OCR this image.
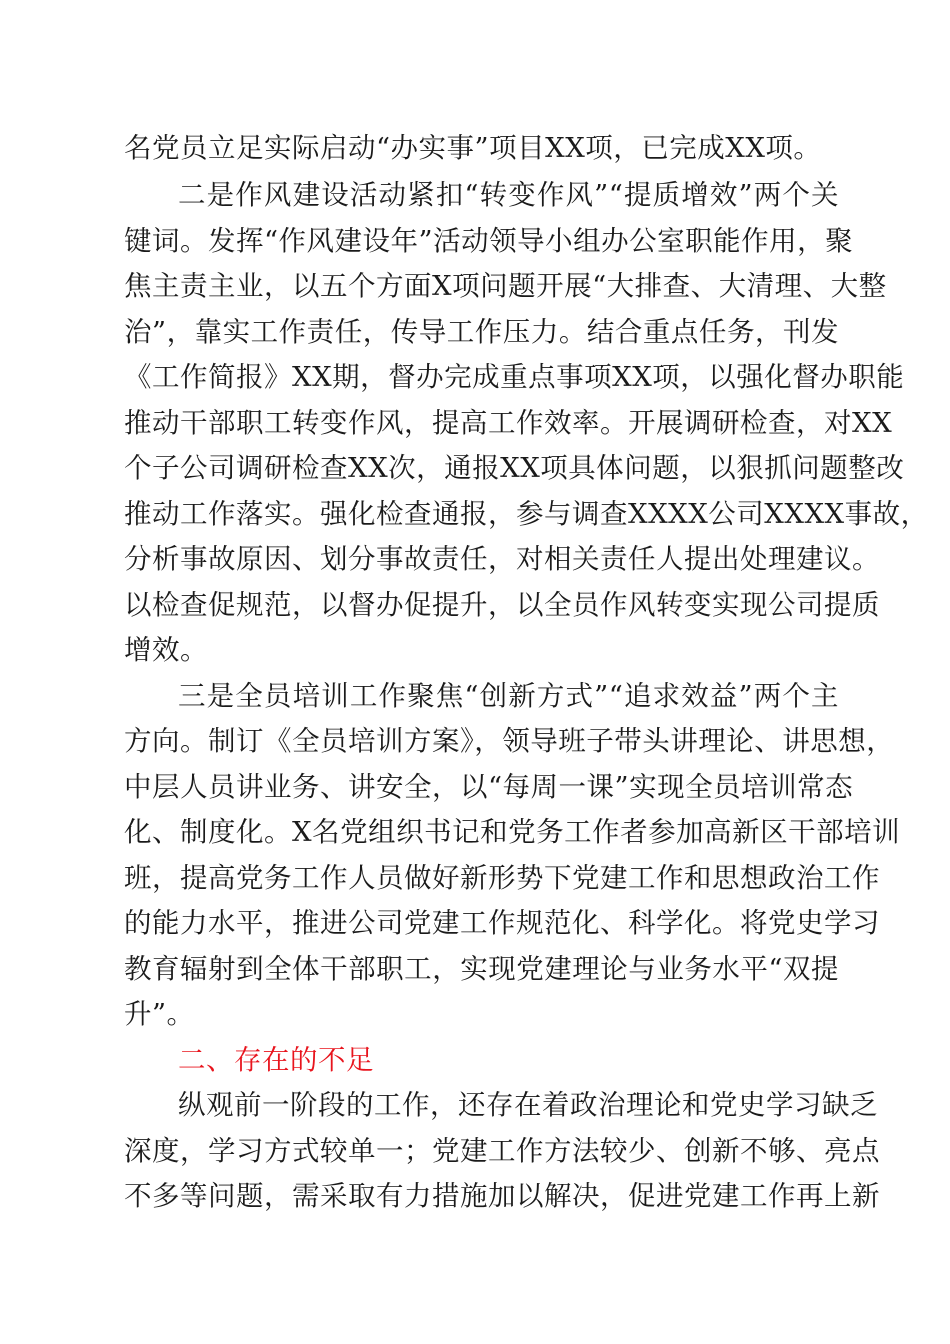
名党员立足实际启动“办实事”项目XX项，已完成XX项。
二是作风建设活动紧扣“转变作风”“提质增效”两个关
键词。发挥“作风建设年”活动领导小组办公室职能作用，聚
焦主责主业，以五个方面X项问题开展“大排查、大清理、大整
治”，靠实工作责任，传导工作压力。结合重点任务，刊发
《工作简报》XX期，督办完成重点事项XX项，以强化督办职能
推动干部职工转变作风，提高工作效率。开展调研检查，对XX
个子公司调研检查XX次，通报XX项具体问题，以狠抓问题整改
推动工作落实。强化检查通报，参与调查XXXX公司XXXX事故，
分析事故原因、划分事故责任，对相关责任人提出处理建议。
以检查促规范，以督办促提升，以全员作风转变实现公司提质
增效。
三是全员培训工作聚焦“创新方式”“追求效益”两个主
方向。制订《全员培训方案》，领导班子带头讲理论、讲思想，
中层人员讲业务、讲安全，以“每周一课”实现全员培训常态
化、制度化。X名党组织书记和党务工作者参加高新区干部培训
班，提高党务工作人员做好新形势下党建工作和思想政治工作
的能力水平，推进公司党建工作规范化、科学化。将党史学习
教育辐射到全体干部职工，实现党建理论与业务水平“双提
升”。
二、存在的不足
纵观前一阶段的工作，还存在着政治理论和党史学习缺乏
深度，学习方式较单一；党建工作方法较少、创新不够、亮点
不多等问题，需采取有力措施加以解决，促进党建工作再上新
